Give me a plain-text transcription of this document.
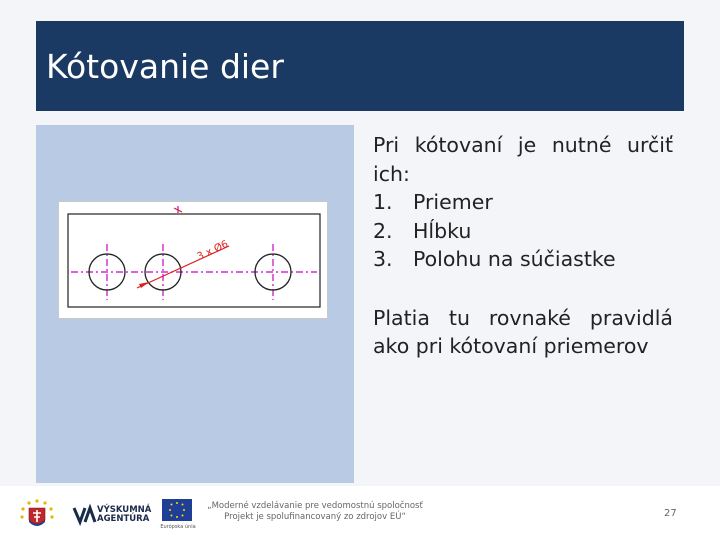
Kótovanie dier
3 x Ø6

Pri kótovaní je nutné určiť ich:

1. Priemer
2. Hĺbku
3. Polohu na súčiastke

Platia tu rovnaké pravidlá ako pri kótovaní priemerov

VÝSKUMNÁ
AGENTÚRA
Európska únia
„Moderné vzdelávanie pre vedomostnú spoločnosť
Projekt je spolufinancovaný zo zdrojov EÚ“	27
